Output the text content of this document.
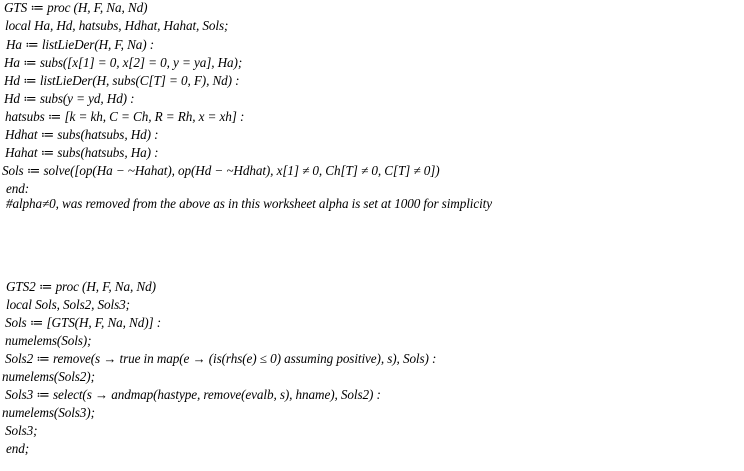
GTS ≔ proc (H, F, Na, Nd)
local Ha, Hd, hatsubs, Hdhat, Hahat, Sols;
Ha ≔ listLieDer(H, F, Na) :
Ha ≔ subs([x[1] = 0, x[2] = 0, y = ya], Ha);
Hd ≔ listLieDer(H, subs(C[T] = 0, F), Nd) :
Hd ≔ subs(y = yd, Hd) :
hatsubs ≔ [k = kh, C = Ch, R = Rh, x = xh] :
Hdhat ≔ subs(hatsubs, Hd) :
Hahat ≔ subs(hatsubs, Ha) :
Sols ≔ solve([op(Ha − ~Hahat), op(Hd − ~Hdhat), x[1] ≠ 0, Ch[T] ≠ 0, C[T] ≠ 0])
end:
#alpha≠0, was removed from the above as in this worksheet alpha is set at 1000 for simplicity
GTS2 ≔ proc (H, F, Na, Nd)
local Sols, Sols2, Sols3;
Sols ≔ [GTS(H, F, Na, Nd)] :
numelems(Sols);
Sols2 ≔ remove(s → true in map(e → (is(rhs(e) ≤ 0) assuming positive), s), Sols) :
numelems(Sols2);
Sols3 ≔ select(s → andmap(hastype, remove(evalb, s), hname), Sols2) :
numelems(Sols3);
Sols3;
end;
